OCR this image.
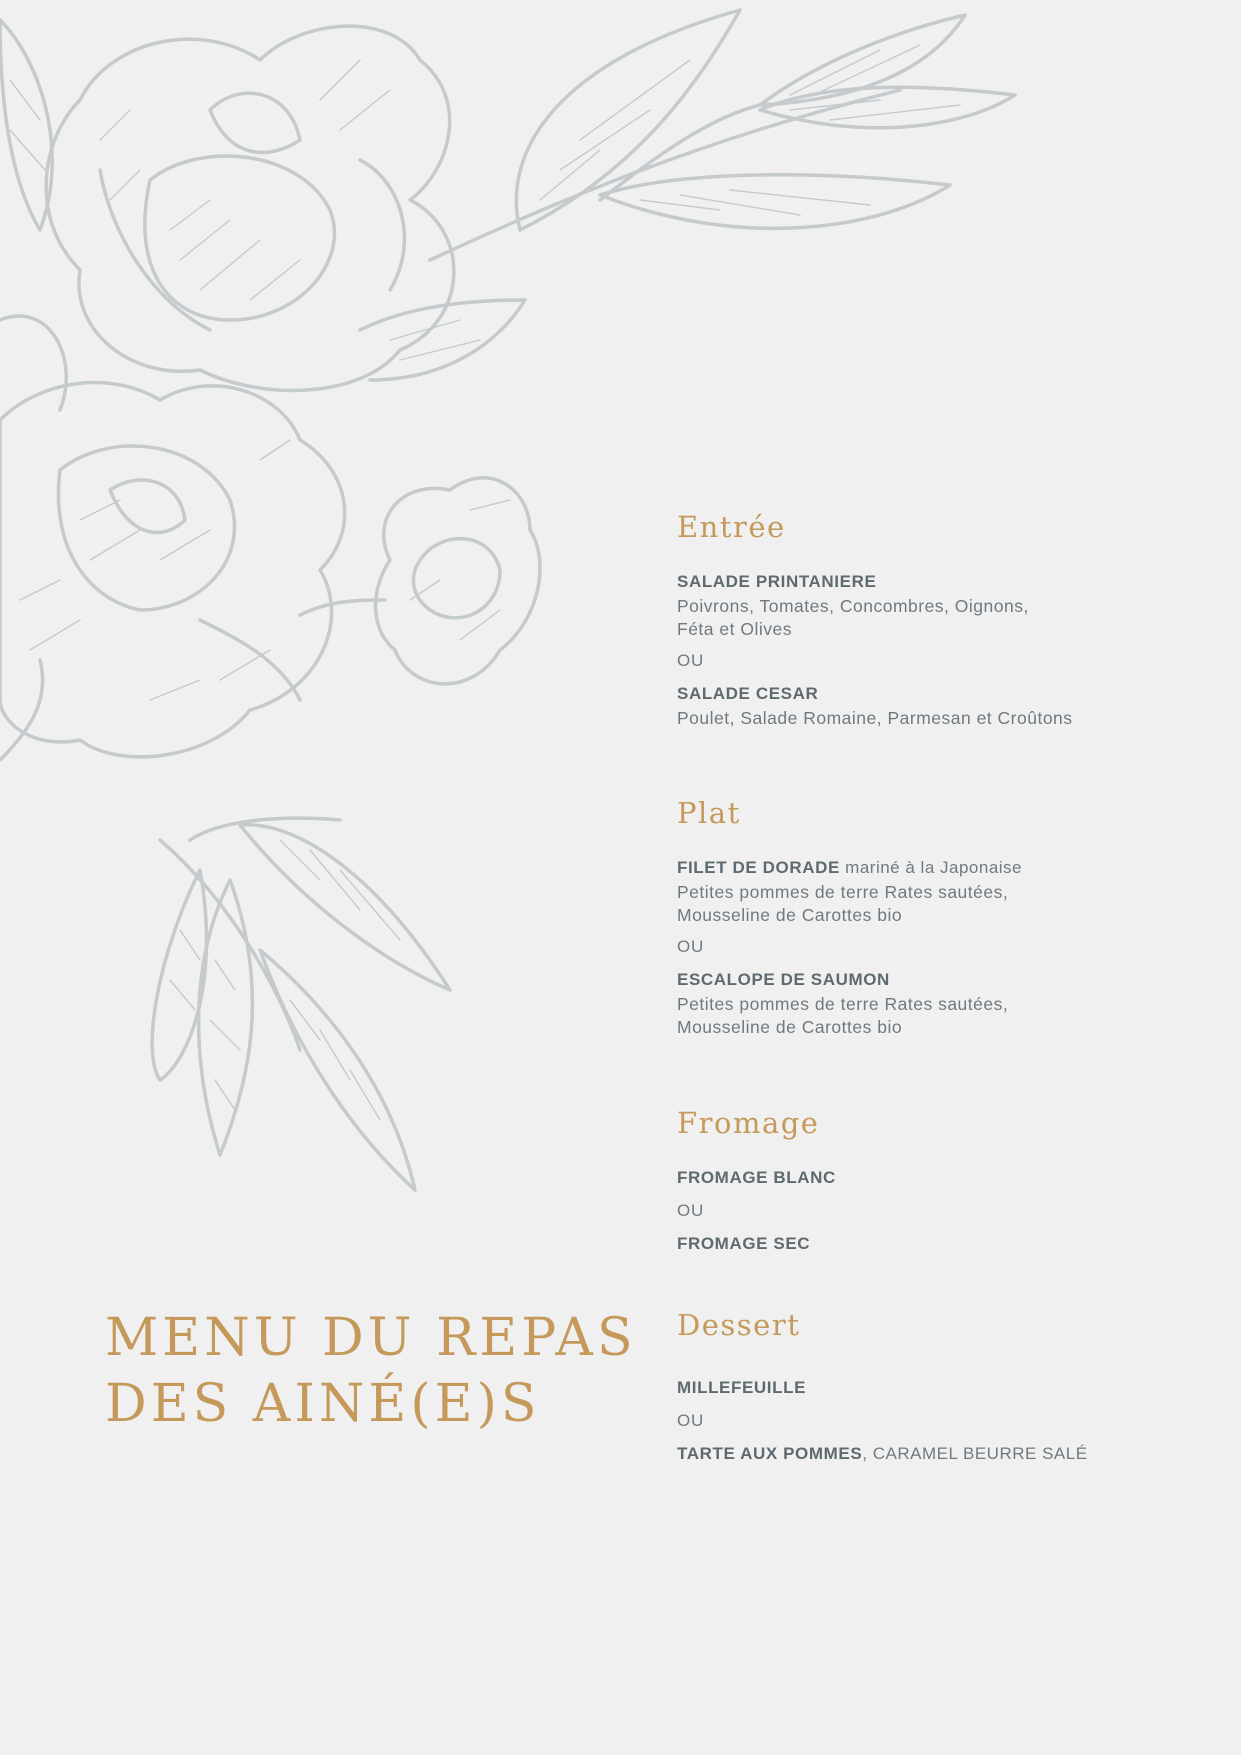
MENU DU REPAS
DES AINÉ(E)S
Entrée
SALADE PRINTANIERE

Poivrons, Tomates, Concombres, Oignons,

Féta et Olives

OU
SALADE CESAR

Poulet, Salade Romaine, Parmesan et Croûtons

Plat
FILET DE DORADE mariné à la Japonaise

Petites pommes de terre Rates sautées,

Mousseline de Carottes bio

OU
ESCALOPE DE SAUMON

Petites pommes de terre Rates sautées,

Mousseline de Carottes bio

Fromage
FROMAGE BLANC
OU
FROMAGE SEC
Dessert
MILLEFEUILLE
OU
TARTE AUX POMMES, CARAMEL BEURRE SALÉ
